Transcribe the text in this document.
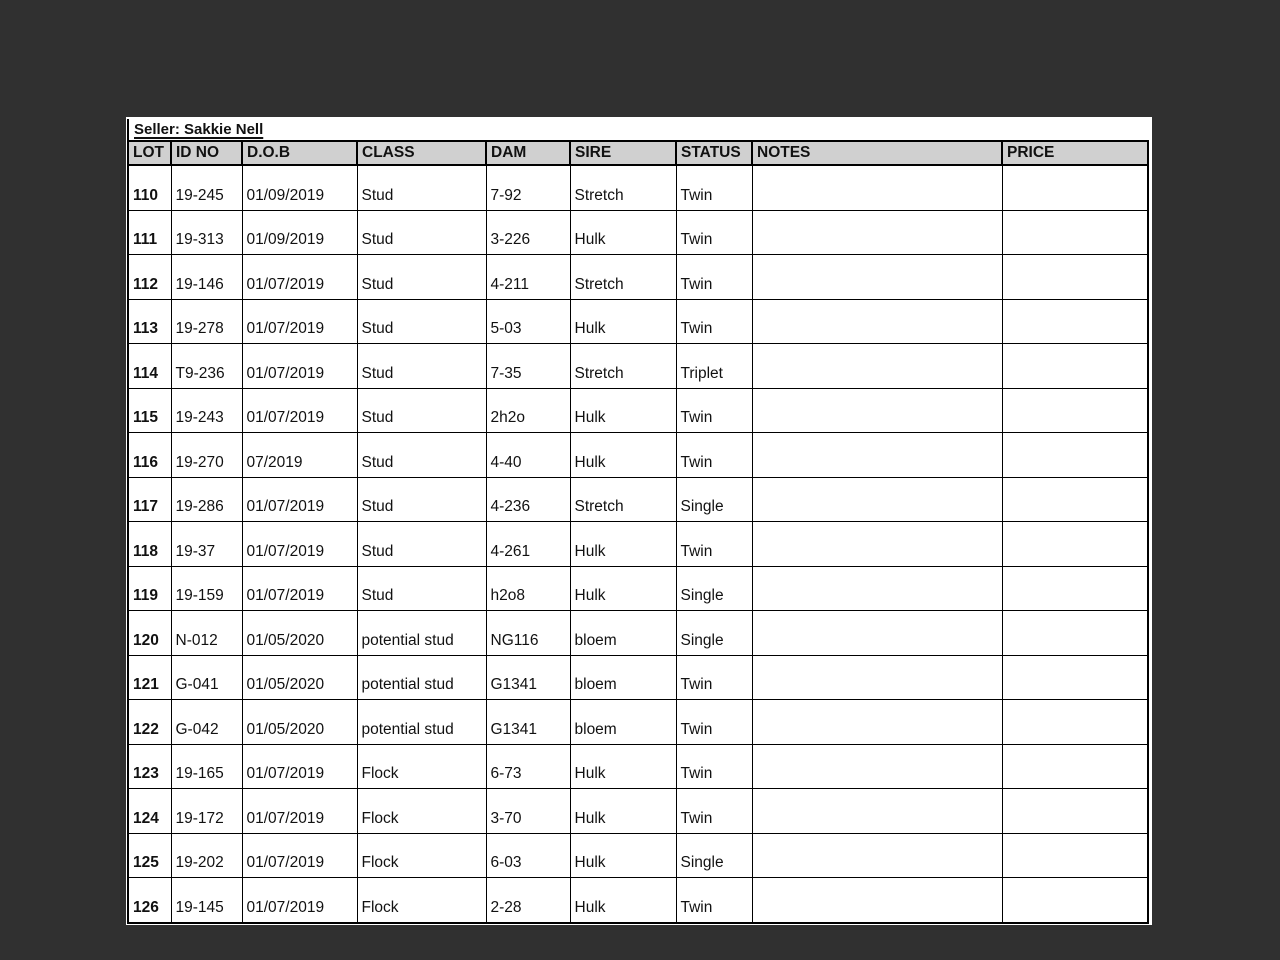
Seller: Sakkie Nell
LOT	ID NO	D.O.B	CLASS	DAM	SIRE	STATUS	NOTES	PRICE
110	19-245	01/09/2019	Stud	7-92	Stretch	Twin		
111	19-313	01/09/2019	Stud	3-226	Hulk	Twin		
112	19-146	01/07/2019	Stud	4-211	Stretch	Twin		
113	19-278	01/07/2019	Stud	5-03	Hulk	Twin		
114	T9-236	01/07/2019	Stud	7-35	Stretch	Triplet		
115	19-243	01/07/2019	Stud	2h2o	Hulk	Twin		
116	19-270	07/2019	Stud	4-40	Hulk	Twin		
117	19-286	01/07/2019	Stud	4-236	Stretch	Single		
118	19-37	01/07/2019	Stud	4-261	Hulk	Twin		
119	19-159	01/07/2019	Stud	h2o8	Hulk	Single		
120	N-012	01/05/2020	potential stud	NG116	bloem	Single		
121	G-041	01/05/2020	potential stud	G1341	bloem	Twin		
122	G-042	01/05/2020	potential stud	G1341	bloem	Twin		
123	19-165	01/07/2019	Flock	6-73	Hulk	Twin		
124	19-172	01/07/2019	Flock	3-70	Hulk	Twin		
125	19-202	01/07/2019	Flock	6-03	Hulk	Single		
126	19-145	01/07/2019	Flock	2-28	Hulk	Twin		
